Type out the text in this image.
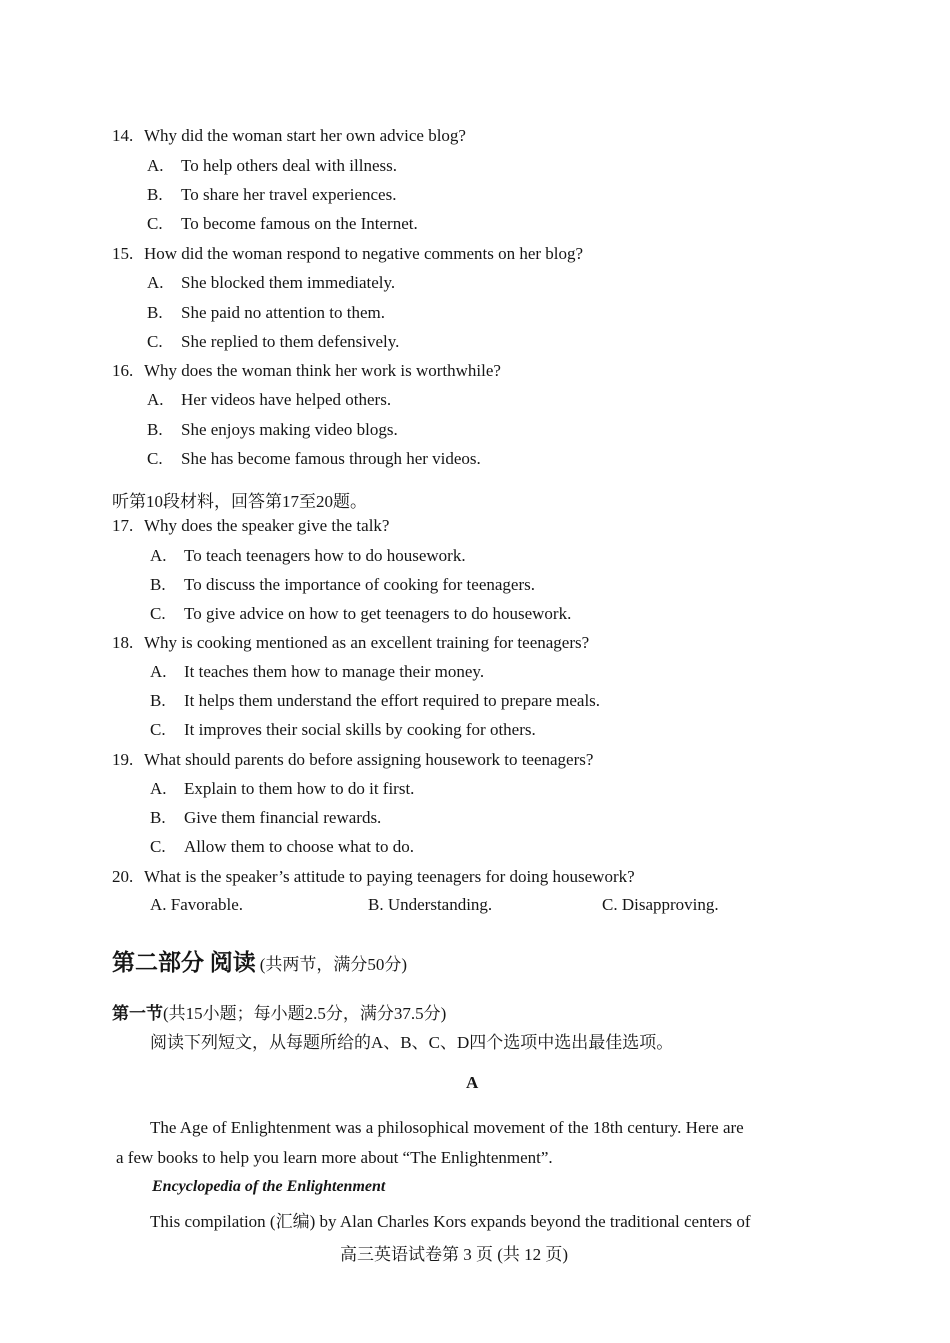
14. Why did the woman start her own advice blog?
A. To help others deal with illness.
B. To share her travel experiences.
C. To become famous on the Internet.
15. How did the woman respond to negative comments on her blog?
A. She blocked them immediately.
B. She paid no attention to them.
C. She replied to them defensively.
16. Why does the woman think her work is worthwhile?
A. Her videos have helped others.
B. She enjoys making video blogs.
C. She has become famous through her videos.
听第10段材料，回答第17至20题。
17. Why does the speaker give the talk?
A. To teach teenagers how to do housework.
B. To discuss the importance of cooking for teenagers.
C. To give advice on how to get teenagers to do housework.
18. Why is cooking mentioned as an excellent training for teenagers?
A. It teaches them how to manage their money.
B. It helps them understand the effort required to prepare meals.
C. It improves their social skills by cooking for others.
19. What should parents do before assigning housework to teenagers?
A. Explain to them how to do it first.
B. Give them financial rewards.
C. Allow them to choose what to do.
20. What is the speaker’s attitude to paying teenagers for doing housework?
A. Favorable.	B. Understanding.	C. Disapproving.
第二部分 阅读 (共两节，满分50分)
第一节(共15小题；每小题2.5分，满分37.5分)
阅读下列短文，从每题所给的A、B、C、D四个选项中选出最佳选项。
A
The Age of Enlightenment was a philosophical movement of the 18th century. Here are
a few books to help you learn more about “The Enlightenment”.
Encyclopedia of the Enlightenment
This compilation (汇编) by Alan Charles Kors expands beyond the traditional centers of
高三英语试卷第 3 页 (共 12 页)
